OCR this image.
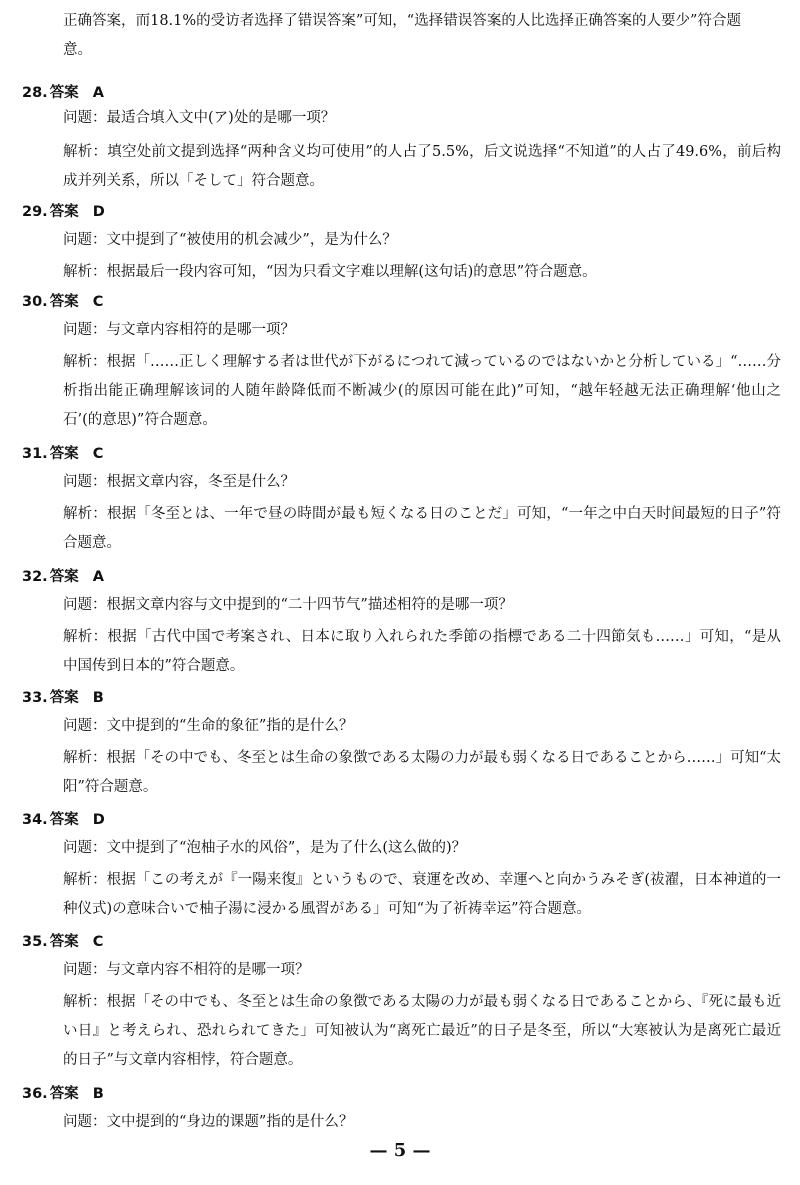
正确答案，而18.1%的受访者选择了错误答案”可知，“选择错误答案的人比选择正确答案的人要少”符合题意。

28. 答案 A

问题：最适合填入文中(ア)处的是哪一项？

解析：填空处前文提到选择“两种含义均可使用”的人占了5.5%，后文说选择“不知道”的人占了49.6%，前后构成并列关系，所以「そして」符合题意。

29. 答案 D

问题：文中提到了“被使用的机会减少”，是为什么？

解析：根据最后一段内容可知，“因为只看文字难以理解(这句话)的意思”符合题意。

30. 答案 C

问题：与文章内容相符的是哪一项？

解析：根据「……正しく理解する者は世代が下がるにつれて減っているのではないかと分析している」“……分析指出能正确理解该词的人随年龄降低而不断减少(的原因可能在此)”可知，“越年轻越无法正确理解‘他山之石’(的意思)”符合题意。

31. 答案 C

问题：根据文章内容，冬至是什么？

解析：根据「冬至とは、一年で昼の時間が最も短くなる日のことだ」可知，“一年之中白天时间最短的日子”符合题意。

32. 答案 A

问题：根据文章内容与文中提到的“二十四节气”描述相符的是哪一项？

解析：根据「古代中国で考案され、日本に取り入れられた季節の指標である二十四節気も……」可知，“是从中国传到日本的”符合题意。

33. 答案 B

问题：文中提到的“生命的象征”指的是什么？

解析：根据「その中でも、冬至とは生命の象徴である太陽の力が最も弱くなる日であることから……」可知“太阳”符合题意。

34. 答案 D

问题：文中提到了“泡柚子水的风俗”，是为了什么(这么做的)？

解析：根据「この考えが『一陽来復』というもので、衰運を改め、幸運へと向かうみそぎ(祓濯，日本神道的一种仪式)の意味合いで柚子湯に浸かる風習がある」可知“为了祈祷幸运”符合题意。

35. 答案 C

问题：与文章内容不相符的是哪一项？

解析：根据「その中でも、冬至とは生命の象徴である太陽の力が最も弱くなる日であることから、『死に最も近い日』と考えられ、恐れられてきた」可知被认为“离死亡最近”的日子是冬至，所以“大寒被认为是离死亡最近的日子”与文章内容相悖，符合题意。

36. 答案 B

问题：文中提到的“身边的课题”指的是什么？

— 5 —
